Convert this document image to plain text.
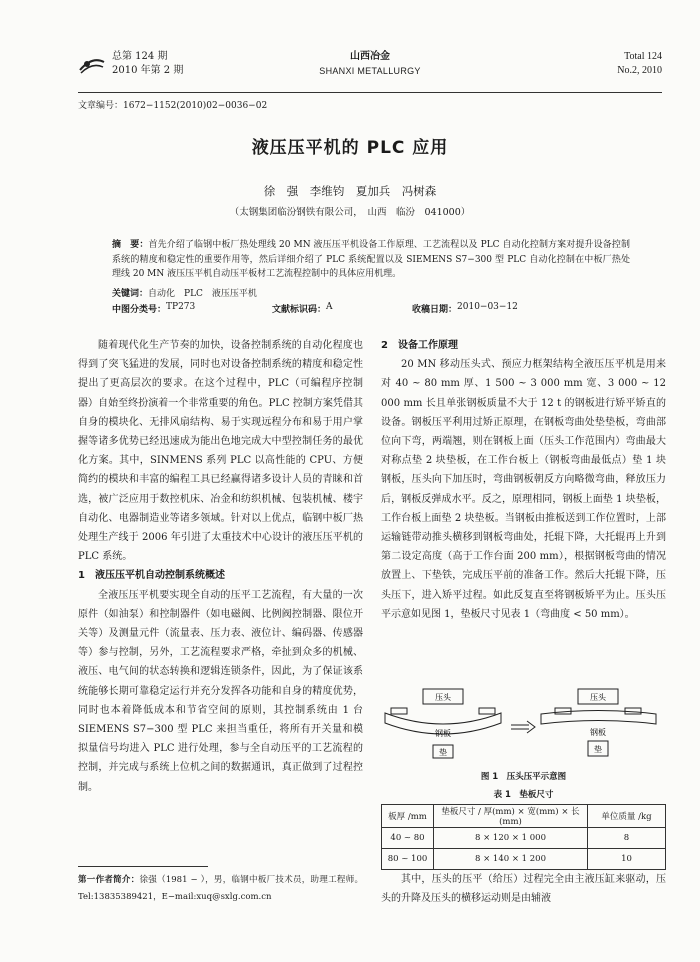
总第 124 期
2010 年第 2 期
山西冶金
SHANXI METALLURGY
Total 124
No.2, 2010
文章编号：1672−1152(2010)02−0036−02
液压压平机的 PLC 应用
徐　强　李维钧　夏加兵　冯树森
（太钢集团临汾钢铁有限公司，　山西　临汾　041000）
摘　要：首先介绍了临钢中板厂热处理线 20 MN 液压压平机设备工作原理、工艺流程以及 PLC 自动化控制方案对提升设备控制系统的精度和稳定性的重要作用等，然后详细介绍了 PLC 系统配置以及 SIEMENS S7−300 型 PLC 自动化控制在中板厂热处理线 20 MN 液压压平机自动压平板材工艺流程控制中的具体应用机理。
关键词：自动化　PLC　液压压平机
中图分类号： TP273	文献标识码： A	收稿日期： 2010−03−12

随着现代化生产节奏的加快，设备控制系统的自动化程度也得到了突飞猛进的发展，同时也对设备控制系统的精度和稳定性提出了更高层次的要求。在这个过程中，PLC（可编程序控制器）自始至终扮演着一个非常重要的角色。PLC 控制方案凭借其自身的模块化、无排风扇结构、易于实现远程分布和易于用户掌握等诸多优势已经迅速成为能出色地完成大中型控制任务的最优化方案。其中，SINMENS 系列 PLC 以高性能的 CPU、方便简约的模块和丰富的编程工具已经赢得诸多设计人员的青睐和首选，被广泛应用于数控机床、冶金和纺织机械、包装机械、楼宇自动化、电器制造业等诸多领域。针对以上优点，临钢中板厂热处理生产线于 2006 年引进了太重技术中心设计的液压压平机的 PLC 系统。

1　液压压平机自动控制系统概述

全液压压平机要实现全自动的压平工艺流程，有大量的一次原件（如油泵）和控制器件（如电磁阀、比例阀控制器、限位开关等）及测量元件（流量表、压力表、液位计、编码器、传感器等）参与控制，另外，工艺流程要求严格，牵扯到众多的机械、液压、电气间的状态转换和逻辑连锁条件，因此，为了保证该系统能够长期可靠稳定运行并充分发挥各功能和自身的精度优势，同时也本着降低成本和节省空间的原则，其控制系统由 1 台 SIEMENS S7−300 型 PLC 来担当重任，将所有开关量和模拟量信号均进入 PLC 进行处理，参与全自动压平的工艺流程的控制，并完成与系统上位机之间的数据通讯，真正做到了过程控制。

第一作者简介：徐强（1981 − ），男，临钢中板厂技术员，助理工程师。Tel:13835389421，E−mail:xuq@sxlg.com.cn
2　设备工作原理

20 MN 移动压头式、预应力框架结构全液压压平机是用来对 40 ~ 80 mm 厚、1 500 ~ 3 000 mm 宽、3 000 ~ 12 000 mm 长且单张钢板质量不大于 12 t 的钢板进行矫平矫直的设备。钢板压平利用过矫正原理，在钢板弯曲处垫垫板，弯曲部位向下弯，两端翘，则在钢板上面（压头工作范围内）弯曲最大对称点垫 2 块垫板，在工作台板上（钢板弯曲最低点）垫 1 块钢板，压头向下加压时，弯曲钢板朝反方向略微弯曲，释放压力后，钢板反弹成水平。反之，原理相同，钢板上面垫 1 块垫板，工作台板上面垫 2 块垫板。当钢板由推板送到工作位置时，上部运输链带动推头横移到钢板弯曲处，托辊下降，大托辊再上升到第二设定高度（高于工作台面 200 mm），根据钢板弯曲的情况放置上、下垫铁，完成压平前的准备工作。然后大托辊下降，压头压下，进入矫平过程。如此反复直至将钢板矫平为止。压头压平示意如见图 1，垫板尺寸见表 1（弯曲度 < 50 mm）。

压头
钢板
垫
压头
钢板
垫
图 1　压头压平示意图
表 1　垫板尺寸
板厚 /mm	垫板尺寸 / 厚(mm) × 宽(mm) × 长(mm)	单位质量 /kg
40 ~ 80	8 × 120 × 1 000	8
80 ~ 100	8 × 140 × 1 200	10

其中，压头的压平（给压）过程完全由主液压缸来驱动，压头的升降及压头的横移运动则是由辅液
